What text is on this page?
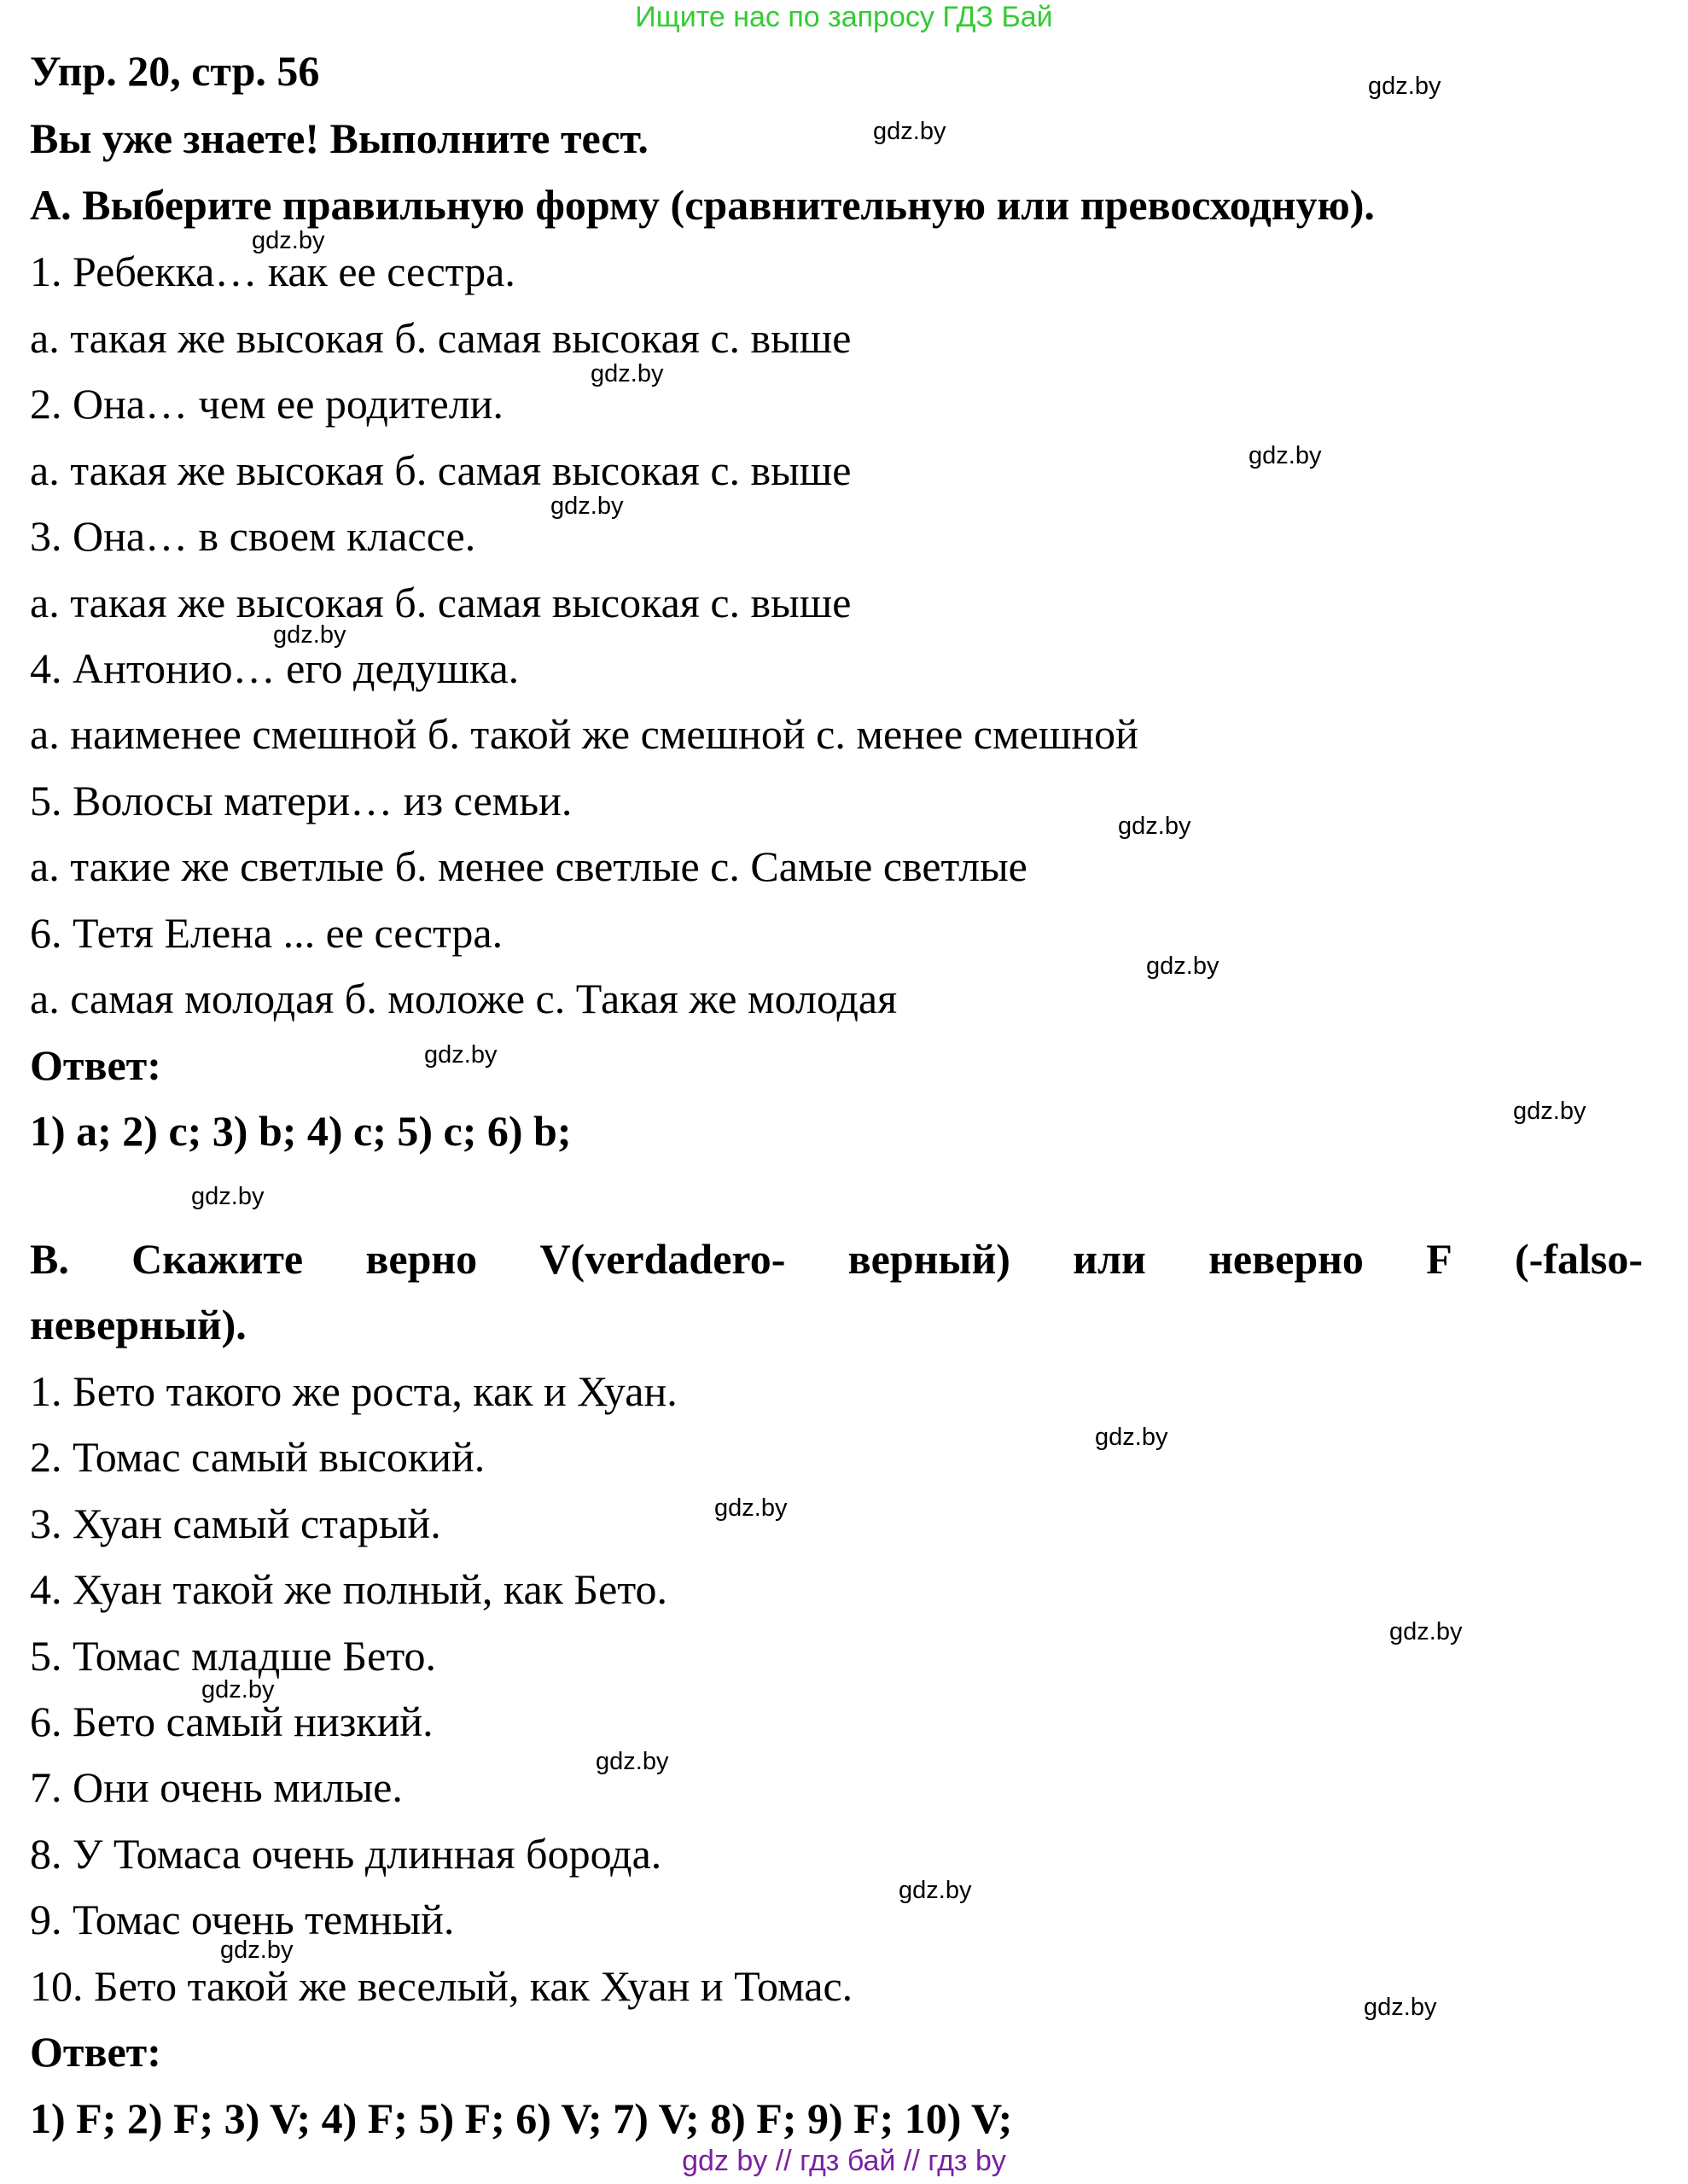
Ищите нас по запросу ГДЗ Бай
Упр. 20, стр. 56
Вы уже знаете! Выполните тест.
А. Выберите правильную форму (сравнительную или превосходную).
1. Ребекка… как ее сестра.
а. такая же высокая б. самая высокая с. выше
2. Она… чем ее родители.
а. такая же высокая б. самая высокая с. выше
3. Она… в своем классе.
а. такая же высокая б. самая высокая с. выше
4. Антонио… его дедушка.
а. наименее смешной б. такой же смешной с. менее смешной
5. Волосы матери… из семьи.
а. такие же светлые б. менее светлые с. Самые светлые
6. Тетя Елена ... ее сестра.
а. самая молодая б. моложе с. Такая же молодая
Ответ:
1) a; 2) c; 3) b; 4) c; 5) c; 6) b;
B. Скажите верно V(verdadero- верный) или неверно F (-falso-
неверный).
1. Бето такого же роста, как и Хуан.
2. Томас самый высокий.
3. Хуан самый старый.
4. Хуан такой же полный, как Бето.
5. Томас младше Бето.
6. Бето самый низкий.
7. Они очень милые.
8. У Томаса очень длинная борода.
9. Томас очень темный.
10. Бето такой же веселый, как Хуан и Томас.
Ответ:
1) F; 2) F; 3) V; 4) F; 5) F; 6) V; 7) V; 8) F; 9) F; 10) V;
gdz.by
gdz.by
gdz.by
gdz.by
gdz.by
gdz.by
gdz.by
gdz.by
gdz.by
gdz.by
gdz.by
gdz.by
gdz.by
gdz.by
gdz.by
gdz.by
gdz.by
gdz.by
gdz.by
gdz.by
gdz by // гдз бай // гдз by
